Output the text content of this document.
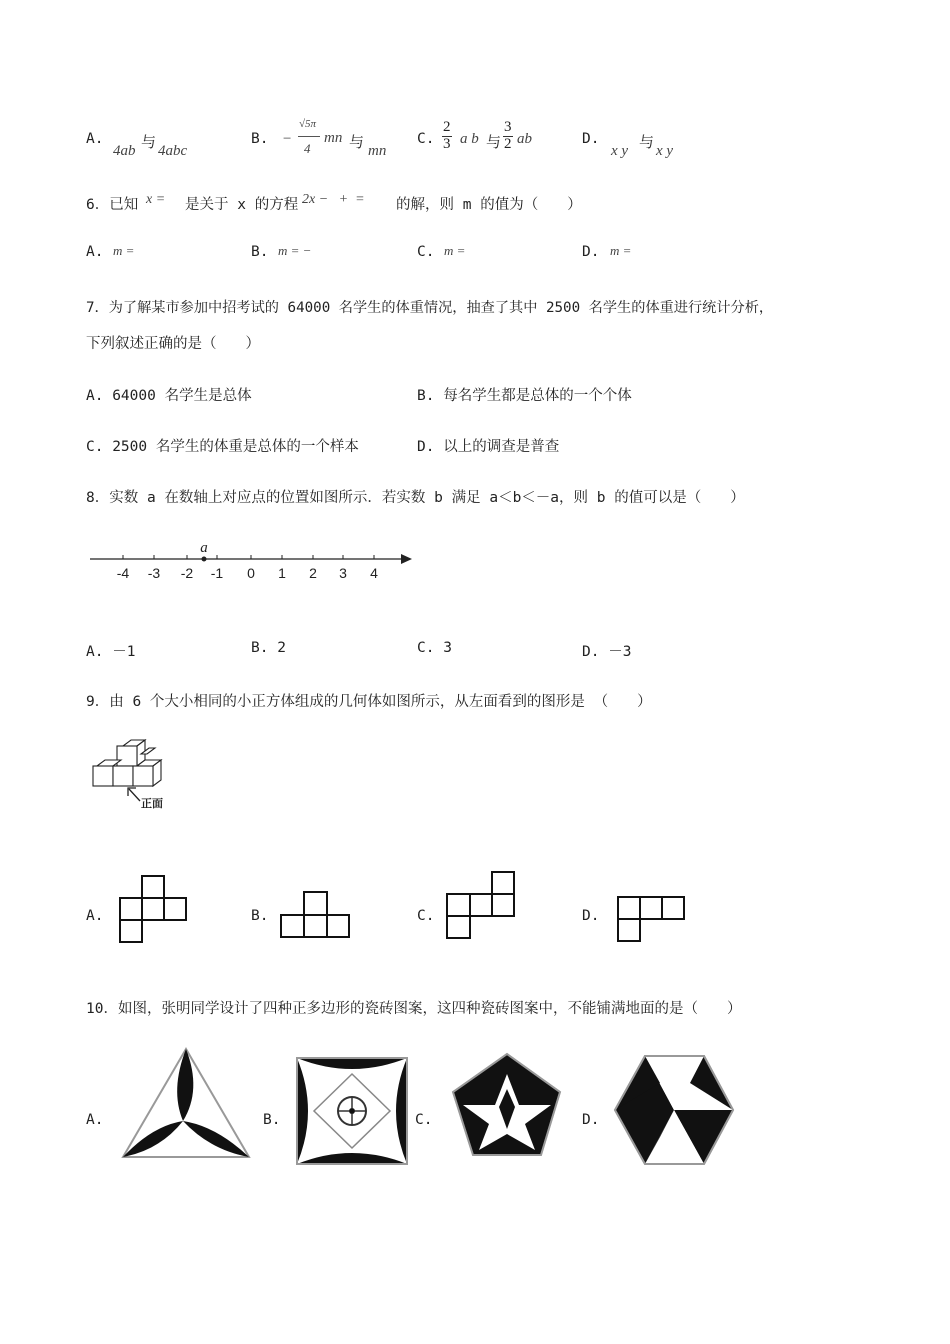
A.
4ab 与 4abc
B. −
√5π
4
mn 与 mn
C. $\frac{2}{3}$ a b 与 $\frac{3}{2}$ ab	D.
x y 与 x y
6．已知 x = 是关于 x 的方程 2x −   +  = 的解，则 m 的值为（　　）
A. m =	B. m = −	C. m =	D. m =
7．为了解某市参加中招考试的 64000 名学生的体重情况，抽查了其中 2500 名学生的体重进行统计分析，
下列叙述正确的是（　　）
A. 64000 名学生是总体	B. 每名学生都是总体的一个个体
C. 2500 名学生的体重是总体的一个样本	D. 以上的调查是普查
8．实数 a 在数轴上对应点的位置如图所示．若实数 b 满足 a＜b＜－a，则 b 的值可以是（　　）
-4 -3 -2 -1 0 1 2 3 4
a
A. －1	B. 2	C. 3	D. －3
9．由 6 个大小相同的小正方体组成的几何体如图所示，从左面看到的图形是 （　　）
正面
A.	B.	C.	D.
10．如图，张明同学设计了四种正多边形的瓷砖图案，这四种瓷砖图案中，不能铺满地面的是（　　）
A.	B.	C.	D.
